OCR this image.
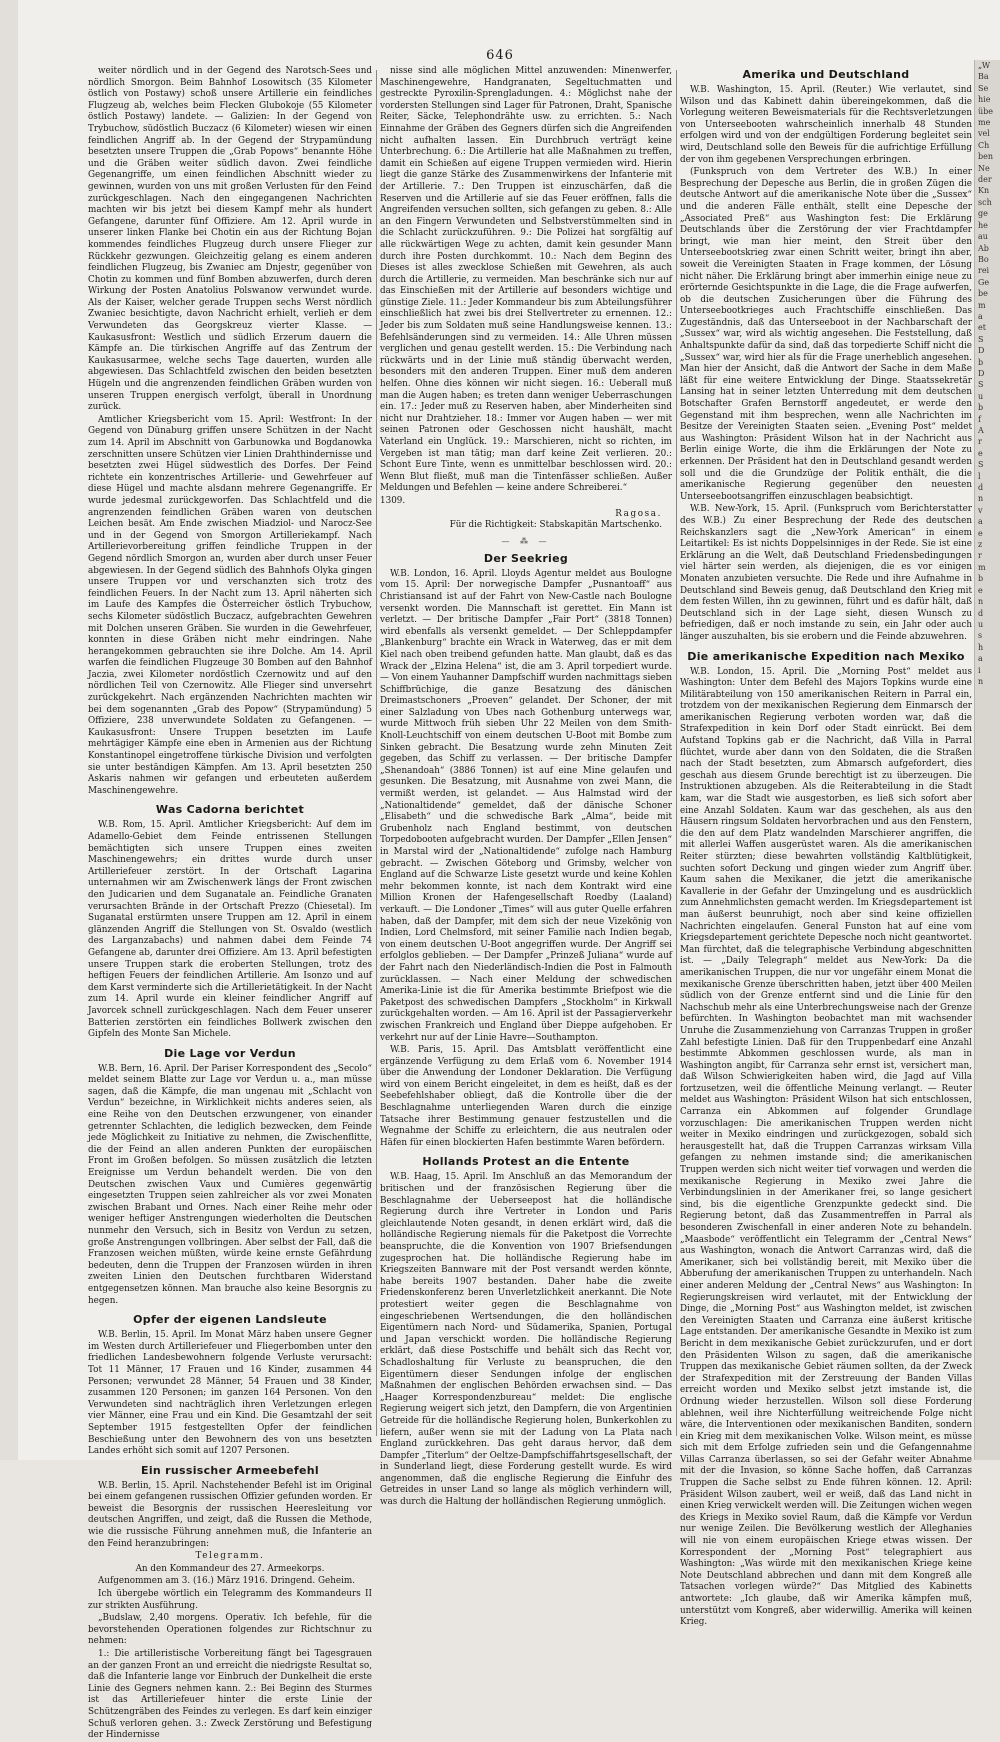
646

weiter nördlich und in der Gegend des Narotsch-Sees und nördlich Smorgon. Beim Bahnhof Losowitsch (35 Kilometer östlich von Postawy) schoß unsere Artillerie ein feindliches Flugzeug ab, welches beim Flecken Glubokoje (55 Kilometer östlich Postawy) landete. — Galizien: In der Gegend von Trybuchow, südöstlich Buczacz (6 Kilometer) wiesen wir einen feindlichen Angriff ab. In der Gegend der Strypamündung besetzten unsere Truppen die „Grab Popows“ benannte Höhe und die Gräben weiter südlich davon. Zwei feindliche Gegenangriffe, um einen feindlichen Abschnitt wieder zu gewinnen, wurden von uns mit großen Verlusten für den Feind zurückgeschlagen. Nach den eingegangenen Nachrichten machten wir bis jetzt bei diesem Kampf mehr als hundert Gefangene, darunter fünf Offiziere. Am 12. April wurde in unserer linken Flanke bei Chotin ein aus der Richtung Bojan kommendes feindliches Flugzeug durch unsere Flieger zur Rückkehr gezwungen. Gleichzeitig gelang es einem anderen feindlichen Flugzeug, bis Zwaniec am Dnjestr, gegenüber von Chotin zu kommen und fünf Bomben abzuwerfen, durch deren Wirkung der Posten Anatolius Polswanow verwundet wurde. Als der Kaiser, welcher gerade Truppen sechs Werst nördlich Zwaniec besichtigte, davon Nachricht erhielt, verlieh er dem Verwundeten das Georgskreuz vierter Klasse. — Kaukasusfront: Westlich und südlich Erzerum dauern die Kämpfe an. Die türkischen Angriffe auf das Zentrum der Kaukasusarmee, welche sechs Tage dauerten, wurden alle abgewiesen. Das Schlachtfeld zwischen den beiden besetzten Hügeln und die angrenzenden feindlichen Gräben wurden von unseren Truppen energisch verfolgt, überall in Unordnung zurück.

Amtlicher Kriegsbericht vom 15. April: Westfront: In der Gegend von Dünaburg griffen unsere Schützen in der Nacht zum 14. April im Abschnitt von Garbunowka und Bogdanowka zerschnitten unsere Schützen vier Linien Drahthindernisse und besetzten zwei Hügel südwestlich des Dorfes. Der Feind richtete ein konzentrisches Artillerie- und Gewehrfeuer auf diese Hügel und machte alsdann mehrere Gegenangriffe. Er wurde jedesmal zurückgeworfen. Das Schlachtfeld und die angrenzenden feindlichen Gräben waren von deutschen Leichen besät. Am Ende zwischen Miadziol- und Narocz-See und in der Gegend von Smorgon Artilleriekampf. Nach Artillerievorbereitung griffen feindliche Truppen in der Gegend nördlich Smorgon an, wurden aber durch unser Feuer abgewiesen. In der Gegend südlich des Bahnhofs Olyka gingen unsere Truppen vor und verschanzten sich trotz des feindlichen Feuers. In der Nacht zum 13. April näherten sich im Laufe des Kampfes die Österreicher östlich Trybuchow, sechs Kilometer südöstlich Buczacz, aufgebrachten Gewehren mit Dolchen unseren Gräben. Sie wurden in die Gewehrfeuer, konnten in diese Gräben nicht mehr eindringen. Nahe herangekommen gebrauchten sie ihre Dolche. Am 14. April warfen die feindlichen Flugzeuge 30 Bomben auf den Bahnhof Jaczia, zwei Kilometer nordöstlich Czernowitz und auf den nördlichen Teil von Czernowitz. Alle Flieger sind unversehrt zurückgekehrt. Nach ergänzenden Nachrichten machten wir bei dem sogenannten „Grab des Popow“ (Strypamündung) 5 Offiziere, 238 unverwundete Soldaten zu Gefangenen. — Kaukasusfront: Unsere Truppen besetzten im Laufe mehrtägiger Kämpfe eine eben in Armenien aus der Richtung Konstantinopel eingetroffene türkische Division und verfolgten sie unter beständigen Kämpfen. Am 13. April besetzten 250 Askaris nahmen wir gefangen und erbeuteten außerdem Maschinengewehre.

Was Cadorna berichtet

W.B. Rom, 15. April. Amtlicher Kriegsbericht: Auf dem im Adamello-Gebiet dem Feinde entrissenen Stellungen bemächtigten sich unsere Truppen eines zweiten Maschinengewehrs; ein drittes wurde durch unser Artilleriefeuer zerstört. In der Ortschaft Lagarina unternahmen wir am Zwischenwerk längs der Front zwischen den Judicarien und dem Suganatale an. Feindliche Granaten verursachten Brände in der Ortschaft Prezzo (Chiesetal). Im Suganatal erstürmten unsere Truppen am 12. April in einem glänzenden Angriff die Stellungen von St. Osvaldo (westlich des Larganzabachs) und nahmen dabei dem Feinde 74 Gefangene ab, darunter drei Offiziere. Am 13. April befestigten unsere Truppen stark die eroberten Stellungen, trotz des heftigen Feuers der feindlichen Artillerie. Am Isonzo und auf dem Karst verminderte sich die Artillerietätigkeit. In der Nacht zum 14. April wurde ein kleiner feindlicher Angriff auf Javorcek schnell zurückgeschlagen. Nach dem Feuer unserer Batterien zerstörten ein feindliches Bollwerk zwischen den Gipfeln des Monte San Michele.

Die Lage vor Verdun

W.B. Bern, 16. April. Der Pariser Korrespondent des „Secolo“ meldet seinem Blatte zur Lage vor Verdun u. a., man müsse sagen, daß die Kämpfe, die man ungenau mit „Schlacht von Verdun“ bezeichne, in Wirklichkeit nichts anderes seien, als eine Reihe von den Deutschen erzwungener, von einander getrennter Schlachten, die lediglich bezwecken, dem Feinde jede Möglichkeit zu Initiative zu nehmen, die Zwischenflitte, die der Feind an allen anderen Punkten der europäischen Front im Großen befolgen. So müssen zusätzlich die letzten Ereignisse um Verdun behandelt werden. Die von den Deutschen zwischen Vaux und Cumières gegenwärtig eingesetzten Truppen seien zahlreicher als vor zwei Monaten zwischen Brabant und Ornes. Nach einer Reihe mehr oder weniger heftiger Anstrengungen wiederholten die Deutschen nunmehr den Versuch, sich in Besitz von Verdun zu setzen, große Anstrengungen vollbringen. Aber selbst der Fall, daß die Franzosen weichen müßten, würde keine ernste Gefährdung bedeuten, denn die Truppen der Franzosen würden in ihren zweiten Linien den Deutschen furchtbaren Widerstand entgegensetzen können. Man brauche also keine Besorgnis zu hegen.

Opfer der eigenen Landsleute

W.B. Berlin, 15. April. Im Monat März haben unsere Gegner im Westen durch Artilleriefeuer und Fliegerbomben unter den friedlichen Landesbewohnern folgende Verluste verursacht: Tot 11 Männer, 17 Frauen und 16 Kinder, zusammen 44 Personen; verwundet 28 Männer, 54 Frauen und 38 Kinder, zusammen 120 Personen; im ganzen 164 Personen. Von den Verwundeten sind nachträglich ihren Verletzungen erlegen vier Männer, eine Frau und ein Kind. Die Gesamtzahl der seit September 1915 festgestellten Opfer der feindlichen Beschießung unter den Bewohnern des von uns besetzten Landes erhöht sich somit auf 1207 Personen.

Ein russischer Armeebefehl

W.B. Berlin, 15. April. Nachstehender Befehl ist im Original bei einem gefangenen russischen Offizier gefunden worden. Er beweist die Besorgnis der russischen Heeresleitung vor deutschen Angriffen, und zeigt, daß die Russen die Methode, wie die russische Führung annehmen muß, die Infanterie an den Feind heranzubringen:

Telegramm.

An den Kommandeur des 27. Armeekorps.

Aufgenommen am 3. (16.) März 1916. Dringend. Geheim.

Ich übergebe wörtlich ein Telegramm des Kommandeurs II zur strikten Ausführung.

„Budslaw, 2,40 morgens. Operativ. Ich befehle, für die bevorstehenden Operationen folgendes zur Richtschnur zu nehmen:

1.: Die artilleristische Vorbereitung fängt bei Tagesgrauen an der ganzen Front an und erreicht die niedrigste Resultat so, daß die Infanterie lange vor Einbruch der Dunkelheit die erste Linie des Gegners nehmen kann. 2.: Bei Beginn des Sturmes ist das Artilleriefeuer hinter die erste Linie der Schützengräben des Feindes zu verlegen. Es darf kein einziger Schuß verloren gehen. 3.: Zweck Zerstörung und Befestigung der Hindernisse

nisse sind alle möglichen Mittel anzuwenden: Minenwerfer, Maschinengewehre, Handgranaten, Segeltuchmatten und gestreckte Pyroxilin-Sprengladungen. 4.: Möglichst nahe der vordersten Stellungen sind Lager für Patronen, Draht, Spanische Reiter, Säcke, Telephondrähte usw. zu errichten. 5.: Nach Einnahme der Gräben des Gegners dürfen sich die Angreifenden nicht aufhalten lassen. Ein Durchbruch verträgt keine Unterbrechung. 6.: Die Artillerie hat alle Maßnahmen zu treffen, damit ein Schießen auf eigene Truppen vermieden wird. Hierin liegt die ganze Stärke des Zusammenwirkens der Infanterie mit der Artillerie. 7.: Den Truppen ist einzuschärfen, daß die Reserven und die Artillerie auf sie das Feuer eröffnen, falls die Angreifenden versuchen sollten, sich gefangen zu geben. 8.: Alle an den Fingern Verwundeten und Selbstverstümmelten sind in die Schlacht zurückzuführen. 9.: Die Polizei hat sorgfältig auf alle rückwärtigen Wege zu achten, damit kein gesunder Mann durch ihre Posten durchkommt. 10.: Nach dem Beginn des Dieses ist alles zwecklose Schießen mit Gewehren, als auch durch die Artillerie, zu vermeiden. Man beschränke sich nur auf das Einschießen mit der Artillerie auf besonders wichtige und günstige Ziele. 11.: Jeder Kommandeur bis zum Abteilungsführer einschließlich hat zwei bis drei Stellvertreter zu ernennen. 12.: Jeder bis zum Soldaten muß seine Handlungsweise kennen. 13.: Befehlsänderungen sind zu vermeiden. 14.: Alle Uhren müssen verglichen und genau gestellt werden. 15.: Die Verbindung nach rückwärts und in der Linie muß ständig überwacht werden, besonders mit den anderen Truppen. Einer muß dem anderen helfen. Ohne dies können wir nicht siegen. 16.: Ueberall muß man die Augen haben; es treten dann weniger Ueberraschungen ein. 17.: Jeder muß zu Reserven haben, aber Minderheiten sind nicht nur Drahtzieher. 18.: Immer vor Augen haben — wer mit seinen Patronen oder Geschossen nicht haushält, macht Vaterland ein Unglück. 19.: Marschieren, nicht so richten, im Vergeben ist man tätig; man darf keine Zeit verlieren. 20.: Schont Eure Tinte, wenn es unmittelbar beschlossen wird. 20.: Wenn Blut fließt, muß man die Tintenfässer schließen. Außer Meldungen und Befehlen — keine andere Schreiberei.“

1309.

Ragosa.
Für die Richtigkeit: Stabskapitän Martschenko.
— ⁂ —
Der Seekrieg

W.B. London, 16. April. Lloyds Agentur meldet aus Boulogne vom 15. April: Der norwegische Dampfer „Pusnantoaff“ aus Christiansand ist auf der Fahrt von New-Castle nach Boulogne versenkt worden. Die Mannschaft ist gerettet. Ein Mann ist verletzt. — Der britische Dampfer „Fair Port“ (3818 Tonnen) wird ebenfalls als versenkt gemeldet. — Der Schleppdampfer „Blankenburg“ brachte ein Wrack in Waterweg, das er mit dem Kiel nach oben treibend gefunden hatte. Man glaubt, daß es das Wrack der „Elzina Helena“ ist, die am 3. April torpediert wurde. — Von einem Yauhanner Dampfschiff wurden nachmittags sieben Schiffbrüchige, die ganze Besatzung des dänischen Dreimastschoners „Proeven“ gelandet. Der Schoner, der mit einer Salzladung von Ubes nach Gothenburg unterwegs war, wurde Mittwoch früh sieben Uhr 22 Meilen von dem Smith-Knoll-Leuchtschiff von einem deutschen U-Boot mit Bombe zum Sinken gebracht. Die Besatzung wurde zehn Minuten Zeit gegeben, das Schiff zu verlassen. — Der britische Dampfer „Shenandoah“ (3886 Tonnen) ist auf eine Mine gelaufen und gesunken. Die Besatzung, mit Ausnahme von zwei Mann, die vermißt werden, ist gelandet. — Aus Halmstad wird der „Nationaltidende“ gemeldet, daß der dänische Schoner „Elisabeth“ und die schwedische Bark „Alma“, beide mit Grubenholz nach England bestimmt, von deutschen Torpedobooten aufgebracht wurden. Der Dampfer „Ellen Jensen“ in Marstal wird der „Nationaltidende“ zufolge nach Hamburg gebracht. — Zwischen Göteborg und Grimsby, welcher von England auf die Schwarze Liste gesetzt wurde und keine Kohlen mehr bekommen konnte, ist nach dem Kontrakt wird eine Million Kronen der Hafengesellschaft Roedby (Laaland) verkauft. — Die Londoner „Times“ will aus guter Quelle erfahren haben, daß der Dampfer, mit dem sich der neue Vizekönig von Indien, Lord Chelmsford, mit seiner Familie nach Indien begab, von einem deutschen U-Boot angegriffen wurde. Der Angriff sei erfolglos geblieben. — Der Dampfer „Prinzeß Juliana“ wurde auf der Fahrt nach den Niederländisch-Indien die Post in Falmouth zurücklassen. — Nach einer Meldung der schwedischen Amerika-Linie ist die für Amerika bestimmte Briefpost wie die Paketpost des schwedischen Dampfers „Stockholm“ in Kirkwall zurückgehalten worden. — Am 16. April ist der Passagierverkehr zwischen Frankreich und England über Dieppe aufgehoben. Er verkehrt nur auf der Linie Havre—Southampton.

W.B. Paris, 15. April. Das Amtsblatt veröffentlicht eine ergänzende Verfügung zu dem Erlaß vom 6. November 1914 über die Anwendung der Londoner Deklaration. Die Verfügung wird von einem Bericht eingeleitet, in dem es heißt, daß es der Seebefehlshaber obliegt, daß die Kontrolle über die der Beschlagnahme unterliegenden Waren durch die einzige Tatsache ihrer Bestimmung genauer festzustellen und die Wegnahme der Schiffe zu erleichtern, die aus neutralen oder Häfen für einen blockierten Hafen bestimmte Waren befördern.

Hollands Protest an die Entente

W.B. Haag, 15. April. Im Anschluß an das Memorandum der britischen und der französischen Regierung über die Beschlagnahme der Ueberseepost hat die holländische Regierung durch ihre Vertreter in London und Paris gleichlautende Noten gesandt, in denen erklärt wird, daß die holländische Regierung niemals für die Paketpost die Vorrechte beanspruchte, die die Konvention von 1907 Briefsendungen zugesprochen hat. Die holländische Regierung habe im Kriegszeiten Bannware mit der Post versandt werden könnte, habe bereits 1907 bestanden. Daher habe die zweite Friedenskonferenz beren Unverletzlichkeit anerkannt. Die Note protestiert weiter gegen die Beschlagnahme von eingeschriebenen Wertsendungen, die den holländischen Eigentümern nach Nord- und Südamerika, Spanien, Portugal und Japan verschickt worden. Die holländische Regierung erklärt, daß diese Postschiffe und behält sich das Recht vor, Schadloshaltung für Verluste zu beanspruchen, die den Eigentümern dieser Sendungen infolge der englischen Maßnahmen der englischen Behörden erwachsen sind. — Das „Haager Korrespondenzbureau“ meldet: Die englische Regierung weigert sich jetzt, den Dampfern, die von Argentinien Getreide für die holländische Regierung holen, Bunkerkohlen zu liefern, außer wenn sie mit der Ladung von La Plata nach England zurückkehren. Das geht daraus hervor, daß dem Dampfer „Titerlum“ der Oeltze-Dampfschiffahrtsgesellschaft, der in Sunderland liegt, diese Forderung gestellt wurde. Es wird angenommen, daß die englische Regierung die Einfuhr des Getreides in unser Land so lange als möglich verhindern will, was durch die Haltung der holländischen Regierung unmöglich.

Amerika und Deutschland

W.B. Washington, 15. April. (Reuter.) Wie verlautet, sind Wilson und das Kabinett dahin übereingekommen, daß die Vorlegung weiteren Beweismaterials für die Rechtsverletzungen von Unterseebooten wahrscheinlich innerhalb 48 Stunden erfolgen wird und von der endgültigen Forderung begleitet sein wird, Deutschland solle den Beweis für die aufrichtige Erfüllung der von ihm gegebenen Versprechungen erbringen.

(Funkspruch von dem Vertreter des W.B.) In einer Besprechung der Depesche aus Berlin, die in großen Zügen die deutsche Antwort auf die amerikanische Note über die „Sussex“ und die anderen Fälle enthält, stellt eine Depesche der „Associated Preß“ aus Washington fest: Die Erklärung Deutschlands über die Zerstörung der vier Frachtdampfer bringt, wie man hier meint, den Streit über den Unterseebootskrieg zwar einen Schritt weiter, bringt ihn aber, soweit die Vereinigten Staaten in Frage kommen, der Lösung nicht näher. Die Erklärung bringt aber immerhin einige neue zu erörternde Gesichtspunkte in die Lage, die die Frage aufwerfen, ob die deutschen Zusicherungen über die Führung des Unterseebootkrieges auch Frachtschiffe einschließen. Das Zugeständnis, daß das Unterseeboot in der Nachbarschaft der „Sussex“ war, wird als wichtig angesehen. Die Feststellung, daß Anhaltspunkte dafür da sind, daß das torpedierte Schiff nicht die „Sussex“ war, wird hier als für die Frage unerheblich angesehen. Man hier der Ansicht, daß die Antwort der Sache in dem Maße läßt für eine weitere Entwicklung der Dinge. Staatssekretär Lansing hat in seiner letzten Unterredung mit dem deutschen Botschafter Grafen Bernstorff angedeutet, er werde den Gegenstand mit ihm besprechen, wenn alle Nachrichten im Besitze der Vereinigten Staaten seien. „Evening Post“ meldet aus Washington: Präsident Wilson hat in der Nachricht aus Berlin einige Worte, die ihm die Erklärungen der Note zu erkennen. Der Präsident hat den in Deutschland gesandt werden soll und die die Grundzüge der Politik enthält, die die amerikanische Regierung gegenüber den neuesten Unterseebootsangriffen einzuschlagen beabsichtigt.

W.B. New-York, 15. April. (Funkspruch vom Berichterstatter des W.B.) Zu einer Besprechung der Rede des deutschen Reichskanzlers sagt die „New-York American“ in einem Leitartikel: Es ist nichts Doppelsinniges in der Rede. Sie ist eine Erklärung an die Welt, daß Deutschland Friedensbedingungen viel härter sein werden, als diejenigen, die es vor einigen Monaten anzubieten versuchte. Die Rede und ihre Aufnahme in Deutschland sind Beweis genug, daß Deutschland den Krieg mit dem festen Willen, ihn zu gewinnen, führt und es dafür hält, daß Deutschland sich in der Lage sieht, diesen Wunsch zu befriedigen, daß er noch imstande zu sein, ein Jahr oder auch länger auszuhalten, bis sie erobern und die Feinde abzuwehren.

Die amerikanische Expedition nach Mexiko

W.B. London, 15. April. Die „Morning Post“ meldet aus Washington: Unter dem Befehl des Majors Topkins wurde eine Militärabteilung von 150 amerikanischen Reitern in Parral ein, trotzdem von der mexikanischen Regierung dem Einmarsch der amerikanischen Regierung verboten worden war, daß die Strafexpedition in kein Dorf oder Stadt einrückt. Bei dem Aufstand Topkins gab er die Nachricht, daß Villa in Parral flüchtet, wurde aber dann von den Soldaten, die die Straßen nach der Stadt besetzten, zum Abmarsch aufgefordert, dies geschah aus diesem Grunde berechtigt ist zu überzeugen. Die Instruktionen abzugeben. Als die Reiterabteilung in die Stadt kam, war die Stadt wie ausgestorben, es ließ sich sofort aber eine Anzahl Soldaten. Kaum war das geschehen, als aus den Häusern ringsum Soldaten hervorbrachen und aus den Fenstern, die den auf dem Platz wandelnden Marschierer angriffen, die mit allerlei Waffen ausgerüstet waren. Als die amerikanischen Reiter stürzten; diese bewahrten vollständig Kaltblütigkeit, suchten sofort Deckung und gingen wieder zum Angriff über. Kaum sahen die Mexikaner, die jetzt die amerikanische Kavallerie in der Gefahr der Umzingelung und es ausdrücklich zum Annehmlichsten gemacht werden. Im Kriegsdepartement ist man äußerst beunruhigt, noch aber sind keine offiziellen Nachrichten eingelaufen. General Funston hat auf eine vom Kriegsdepartement gerichtete Depesche noch nicht geantwortet. Man fürchtet, daß die telegraphische Verbindung abgeschnitten ist. — „Daily Telegraph“ meldet aus New-York: Da die amerikanischen Truppen, die nur vor ungefähr einem Monat die mexikanische Grenze überschritten haben, jetzt über 400 Meilen südlich von der Grenze entfernt sind und die Linie für den Nachschub mehr als eine Unterbrechungsweise nach der Grenze befürchten. In Washington beobachtet man mit wachsender Unruhe die Zusammenziehung von Carranzas Truppen in großer Zahl befestigte Linien. Daß für den Truppenbedarf eine Anzahl bestimmte Abkommen geschlossen wurde, als man in Washington angibt, für Carranza sehr ernst ist, versichert man, daß Wilson Schwierigkeiten haben wird, die Jagd auf Villa fortzusetzen, weil die öffentliche Meinung verlangt. — Reuter meldet aus Washington: Präsident Wilson hat sich entschlossen, Carranza ein Abkommen auf folgender Grundlage vorzuschlagen: Die amerikanischen Truppen werden nicht weiter in Mexiko eindringen und zurückgezogen, sobald sich herausgestellt hat, daß die Truppen Carranzas wirksam Villa gefangen zu nehmen imstande sind; die amerikanischen Truppen werden sich nicht weiter tief vorwagen und werden die mexikanische Regierung in Mexiko zwei Jahre die Verbindungslinien in der Amerikaner frei, so lange gesichert sind, bis die eigentliche Grenzpunkte gedeckt sind. Die Regierung betont, daß das Zusammentreffen in Parral als besonderen Zwischenfall in einer anderen Note zu behandeln. „Maasbode“ veröffentlicht ein Telegramm der „Central News“ aus Washington, wonach die Antwort Carranzas wird, daß die Amerikaner, sich bei vollständig bereit, mit Mexiko über die Abberufung der amerikanischen Truppen zu unterhandeln. Nach einer anderen Meldung der „Central News“ aus Washington: In Regierungskreisen wird verlautet, mit der Entwicklung der Dinge, die „Morning Post“ aus Washington meldet, ist zwischen den Vereinigten Staaten und Carranza eine äußerst kritische Lage entstanden. Der amerikanische Gesandte in Mexiko ist zum Bericht in dem mexikanische Gebiet zurückzurufen, und er dort den Präsidenten Wilson zu sagen, daß die amerikanische Truppen das mexikanische Gebiet räumen sollten, da der Zweck der Strafexpedition mit der Zerstreuung der Banden Villas erreicht worden und Mexiko selbst jetzt imstande ist, die Ordnung wieder herzustellen. Wilson soll diese Forderung ablehnen, weil ihre Nichterfüllung weitreichende Folge nicht wäre, die Interventionen oder mexikanischen Banditen, sondern ein Krieg mit dem mexikanischen Volke. Wilson meint, es müsse sich mit dem Erfolge zufrieden sein und die Gefangennahme Villas Carranza überlassen, so sei der Gefahr weiter Abnahme mit der die Invasion, so könne Sache hoffen, daß Carranzas Truppen die Sache selbst zu Ende führen können. 12. April: Präsident Wilson zaubert, weil er weiß, daß das Land nicht in einen Krieg verwickelt werden will. Die Zeitungen wichen wegen des Kriegs in Mexiko soviel Raum, daß die Kämpfe vor Verdun nur wenige Zeilen. Die Bevölkerung westlich der Alleghanies will nie von einem europäischen Kriege etwas wissen. Der Korrespondent der „Morning Post“ telegraphiert aus Washington: „Was würde mit den mexikanischen Kriege keine Note Deutschland abbrechen und dann mit dem Kongreß alle Tatsachen vorlegen würde?“ Das Mitglied des Kabinetts antwortete: „Ich glaube, daß wir Amerika kämpfen muß, unterstützt vom Kongreß, aber widerwillig. Amerika will keinen Krieg.

„W
Ba
Se
hie
übe
me
vel
Ch
ben
Ne
der
Kn
sch
ge
he
au
Ab
Bo
rei
Ge
be
m
a
et
S
D
b
D
S
u
b
f
A
r
e
S
l
d
n
v
a
e
z
r
m
b
e
n
d
u
s
h
a
i
n
